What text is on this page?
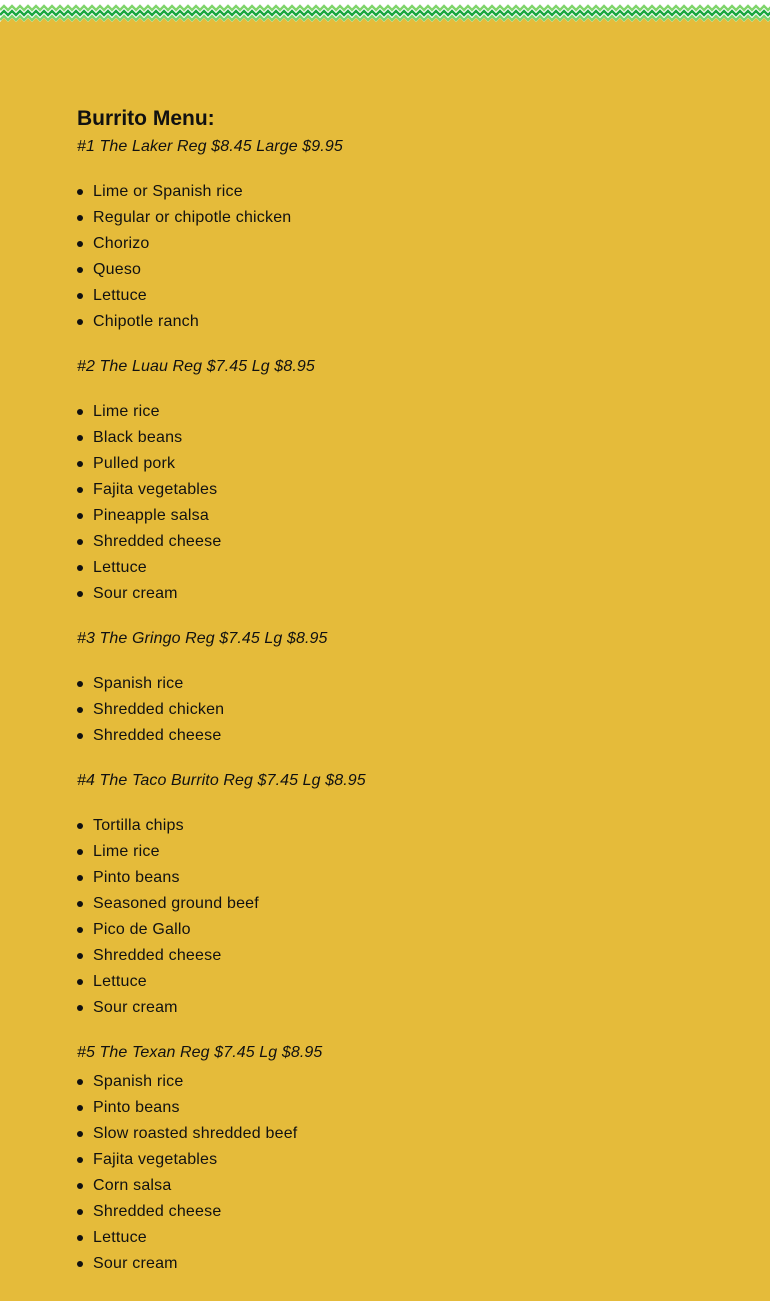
Burrito Menu:

#1 The Laker Reg $8.45 Large $9.95

Lime or Spanish rice
Regular or chipotle chicken
Chorizo
Queso
Lettuce
Chipotle ranch

#2 The Luau Reg $7.45 Lg $8.95

Lime rice
Black beans
Pulled pork
Fajita vegetables
Pineapple salsa
Shredded cheese
Lettuce
Sour cream

#3 The Gringo Reg $7.45 Lg $8.95

Spanish rice
Shredded chicken
Shredded cheese

#4 The Taco Burrito Reg $7.45 Lg $8.95

Tortilla chips
Lime rice
Pinto beans
Seasoned ground beef
Pico de Gallo
Shredded cheese
Lettuce
Sour cream

#5 The Texan Reg $7.45 Lg $8.95

Spanish rice
Pinto beans
Slow roasted shredded beef
Fajita vegetables
Corn salsa
Shredded cheese
Lettuce
Sour cream
